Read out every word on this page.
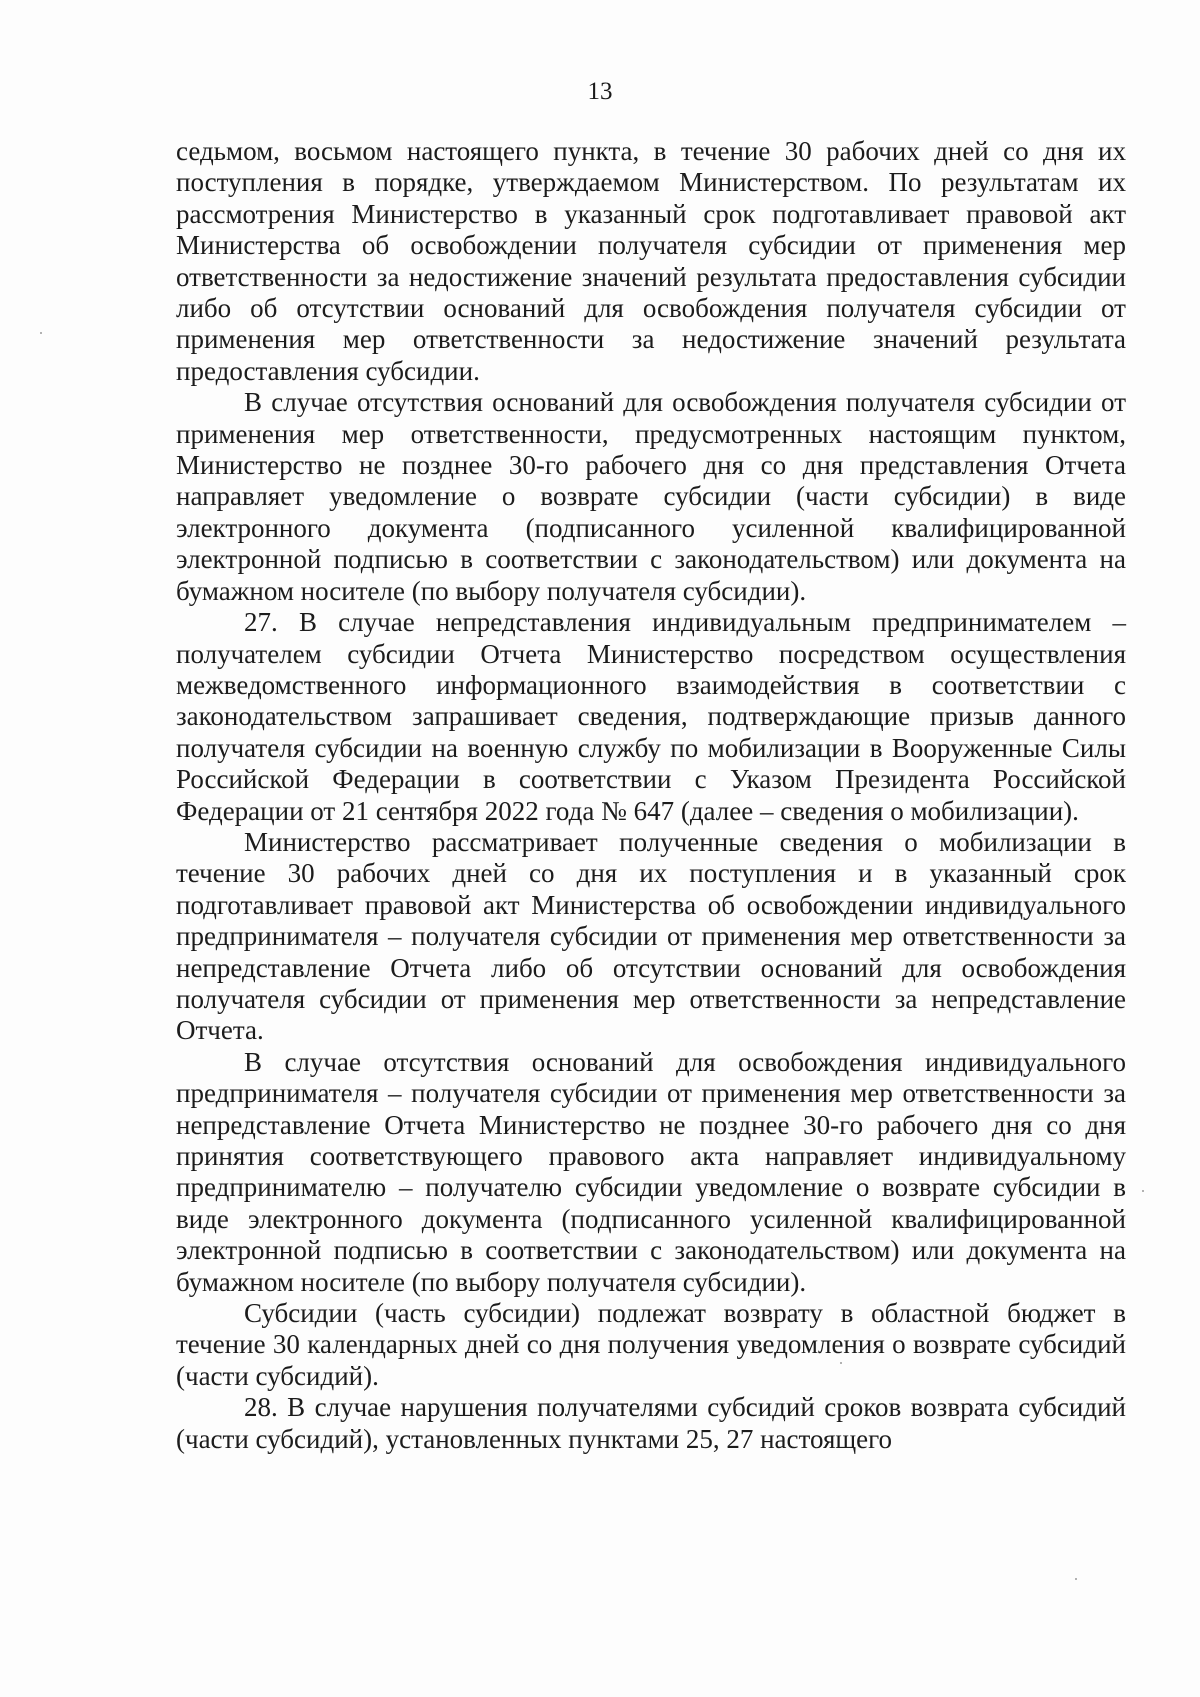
13

седьмом, восьмом настоящего пункта, в течение 30 рабочих дней со дня их поступления в порядке, утверждаемом Министерством. По результатам их рассмотрения Министерство в указанный срок подготавливает правовой акт Министерства об освобождении получателя субсидии от применения мер ответственности за недостижение значений результата предоставления субсидии либо об отсутствии оснований для освобождения получателя субсидии от применения мер ответственности за недостижение значений результата предоставления субсидии.

В случае отсутствия оснований для освобождения получателя субсидии от применения мер ответственности, предусмотренных настоящим пунктом, Министерство не позднее 30-го рабочего дня со дня представления Отчета направляет уведомление о возврате субсидии (части субсидии) в виде электронного документа (подписанного усиленной квалифицированной электронной подписью в соответствии с законодательством) или документа на бумажном носителе (по выбору получателя субсидии).

27. В случае непредставления индивидуальным предпринимателем – получателем субсидии Отчета Министерство посредством осуществления межведомственного информационного взаимодействия в соответствии с законодательством запрашивает сведения, подтверждающие призыв данного получателя субсидии на военную службу по мобилизации в Вооруженные Силы Российской Федерации в соответствии с Указом Президента Российской Федерации от 21 сентября 2022 года № 647 (далее – сведения о мобилизации).

Министерство рассматривает полученные сведения о мобилизации в течение 30 рабочих дней со дня их поступления и в указанный срок подготавливает правовой акт Министерства об освобождении индивидуального предпринимателя – получателя субсидии от применения мер ответственности за непредставление Отчета либо об отсутствии оснований для освобождения получателя субсидии от применения мер ответственности за непредставление Отчета.

В случае отсутствия оснований для освобождения индивидуального предпринимателя – получателя субсидии от применения мер ответственности за непредставление Отчета Министерство не позднее 30-го рабочего дня со дня принятия соответствующего правового акта направляет индивидуальному предпринимателю – получателю субсидии уведомление о возврате субсидии в виде электронного документа (подписанного усиленной квалифицированной электронной подписью в соответствии с законодательством) или документа на бумажном носителе (по выбору получателя субсидии).

Субсидии (часть субсидии) подлежат возврату в областной бюджет в течение 30 календарных дней со дня получения уведомления о возврате субсидий (части субсидий).

28. В случае нарушения получателями субсидий сроков возврата субсидий (части субсидий), установленных пунктами 25, 27 настоящего
